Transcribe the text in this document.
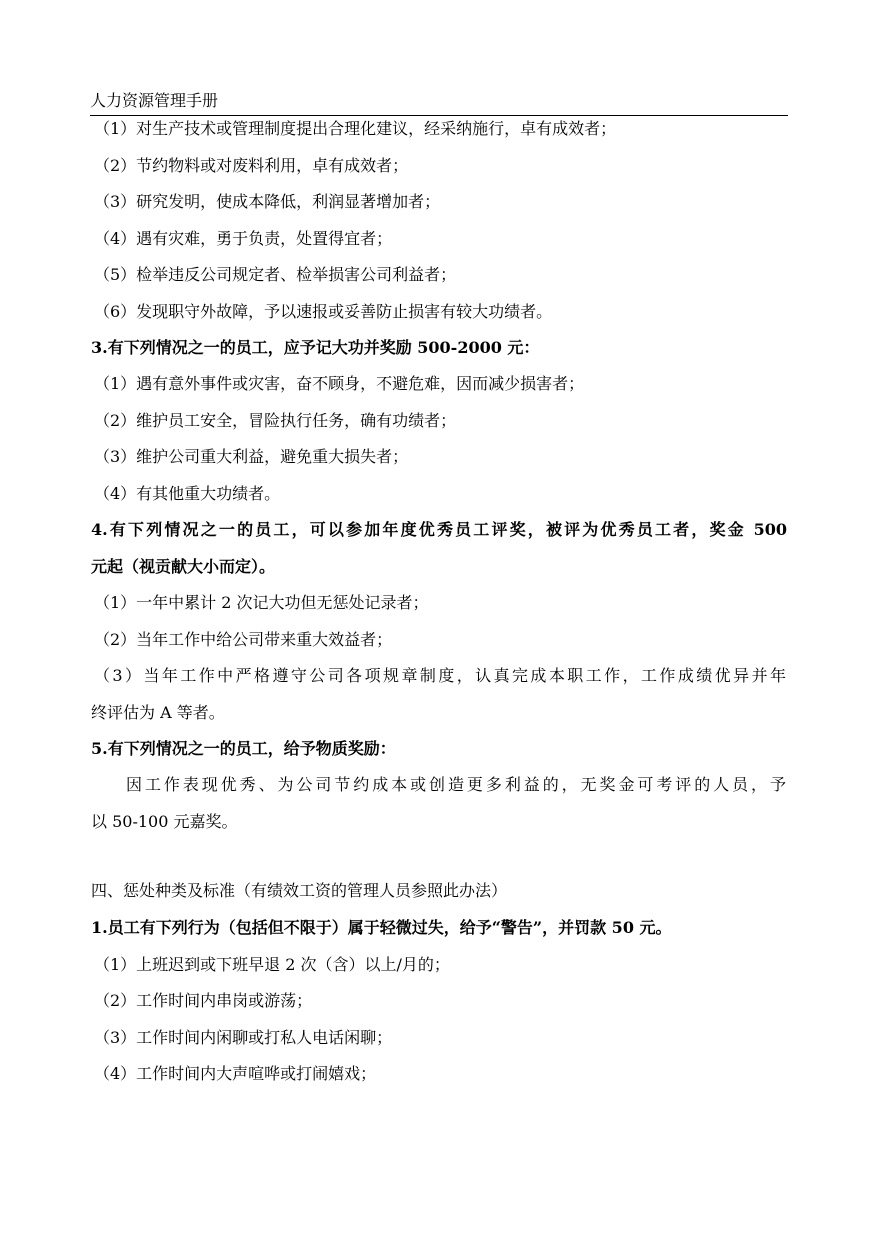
人力资源管理手册
（1）对生产技术或管理制度提出合理化建议，经采纳施行，卓有成效者；
（2）节约物料或对废料利用，卓有成效者；
（3）研究发明，使成本降低，利润显著增加者；
（4）遇有灾难，勇于负责，处置得宜者；
（5）检举违反公司规定者、检举损害公司利益者；
（6）发现职守外故障，予以速报或妥善防止损害有较大功绩者。
3.有下列情况之一的员工，应予记大功并奖励 500-2000 元：
（1）遇有意外事件或灾害，奋不顾身，不避危难，因而减少损害者；
（2）维护员工安全，冒险执行任务，确有功绩者；
（3）维护公司重大利益，避免重大损失者；
（4）有其他重大功绩者。
4.有下列情况之一的员工，可以参加年度优秀员工评奖，被评为优秀员工者，奖金 500
元起（视贡献大小而定）。
（1）一年中累计 2 次记大功但无惩处记录者；
（2）当年工作中给公司带来重大效益者；
（3）当年工作中严格遵守公司各项规章制度，认真完成本职工作，工作成绩优异并年
终评估为 A 等者。
5.有下列情况之一的员工，给予物质奖励：
因工作表现优秀、为公司节约成本或创造更多利益的，无奖金可考评的人员，予
以 50-100 元嘉奖。
四、惩处种类及标准（有绩效工资的管理人员参照此办法）
1.员工有下列行为（包括但不限于）属于轻微过失，给予“警告”，并罚款 50 元。
（1）上班迟到或下班早退 2 次（含）以上/月的；
（2）工作时间内串岗或游荡；
（3）工作时间内闲聊或打私人电话闲聊；
（4）工作时间内大声喧哗或打闹嬉戏；
